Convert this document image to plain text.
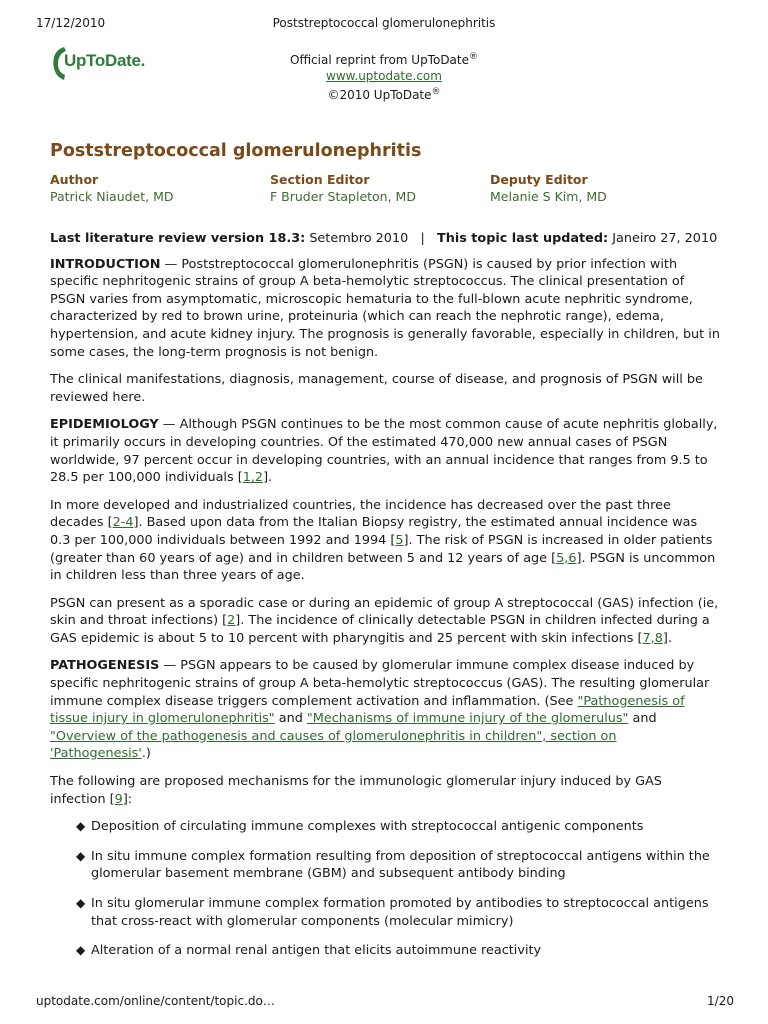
17/12/2010	Poststreptococcal glomerulonephritis
UpToDate.	Official reprint from UpToDate®
www.uptodate.com
©2010 UpToDate®
Poststreptococcal glomerulonephritis
Author
Patrick Niaudet, MD
Section Editor
F Bruder Stapleton, MD
Deputy Editor
Melanie S Kim, MD

Last literature review version 18.3: Setembro 2010 | This topic last updated: Janeiro 27, 2010

INTRODUCTION — Poststreptococcal glomerulonephritis (PSGN) is caused by prior infection with specific nephritogenic strains of group A beta-hemolytic streptococcus. The clinical presentation of PSGN varies from asymptomatic, microscopic hematuria to the full-blown acute nephritic syndrome, characterized by red to brown urine, proteinuria (which can reach the nephrotic range), edema, hypertension, and acute kidney injury. The prognosis is generally favorable, especially in children, but in some cases, the long-term prognosis is not benign.

The clinical manifestations, diagnosis, management, course of disease, and prognosis of PSGN will be reviewed here.

EPIDEMIOLOGY — Although PSGN continues to be the most common cause of acute nephritis globally, it primarily occurs in developing countries. Of the estimated 470,000 new annual cases of PSGN worldwide, 97 percent occur in developing countries, with an annual incidence that ranges from 9.5 to 28.5 per 100,000 individuals [1,2].

In more developed and industrialized countries, the incidence has decreased over the past three decades [2-4]. Based upon data from the Italian Biopsy registry, the estimated annual incidence was 0.3 per 100,000 individuals between 1992 and 1994 [5]. The risk of PSGN is increased in older patients (greater than 60 years of age) and in children between 5 and 12 years of age [5,6]. PSGN is uncommon in children less than three years of age.

PSGN can present as a sporadic case or during an epidemic of group A streptococcal (GAS) infection (ie, skin and throat infections) [2]. The incidence of clinically detectable PSGN in children infected during a GAS epidemic is about 5 to 10 percent with pharyngitis and 25 percent with skin infections [7,8].

PATHOGENESIS — PSGN appears to be caused by glomerular immune complex disease induced by specific nephritogenic strains of group A beta-hemolytic streptococcus (GAS). The resulting glomerular immune complex disease triggers complement activation and inflammation. (See "Pathogenesis of tissue injury in glomerulonephritis" and "Mechanisms of immune injury of the glomerulus" and "Overview of the pathogenesis and causes of glomerulonephritis in children", section on 'Pathogenesis'.)

The following are proposed mechanisms for the immunologic glomerular injury induced by GAS infection [9]:

◆ Deposition of circulating immune complexes with streptococcal antigenic components
◆ In situ immune complex formation resulting from deposition of streptococcal antigens within the glomerular basement membrane (GBM) and subsequent antibody binding
◆ In situ glomerular immune complex formation promoted by antibodies to streptococcal antigens that cross-react with glomerular components (molecular mimicry)
◆ Alteration of a normal renal antigen that elicits autoimmune reactivity
uptodate.com/online/content/topic.do…	1/20
